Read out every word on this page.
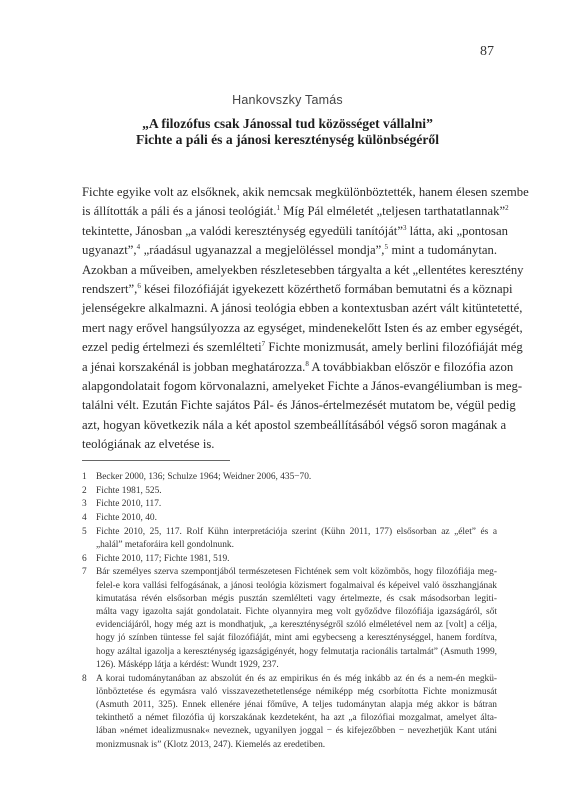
87
Hankovszky Tamás
„A filozófus csak Jánossal tud közösséget vállalni”
Fichte a páli és a jánosi kereszténység különbségéről
Fichte egyike volt az elsőknek, akik nemcsak megkülönböztették, hanem élesen szembe
is állították a páli és a jánosi teológiát.$^1$ Míg Pál elméletét „teljesen tarthatatlannak”$^2$
tekintette, Jánosban „a valódi kereszténység egyedüli tanítóját”$^3$ látta, aki „pontosan
ugyanazt”,$^4$ „ráadásul ugyanazzal a megjelöléssel mondja”,$^5$ mint a tudománytan.
Azokban a műveiben, amelyekben részletesebben tárgyalta a két „ellentétes keresztény
rendszert”,$^6$ kései filozófiáját igyekezett közérthető formában bemutatni és a köznapi
jelenségekre alkalmazni. A jánosi teológia ebben a kontextusban azért vált kitüntetetté,
mert nagy erővel hangsúlyozza az egységet, mindenekelőtt Isten és az ember egységét,
ezzel pedig értelmezi és szemlélteti$^7$ Fichte monizmusát, amely berlini filozófiáját még
a jénai korszakénál is jobban meghatározza.$^8$ A továbbiakban először e filozófia azon
alapgondolatait fogom körvonalazni, amelyeket Fichte a János-evangéliumban is meg-
találni vélt. Ezután Fichte sajátos Pál- és János-értelmezését mutatom be, végül pedig
azt, hogyan következik nála a két apostol szembeállításából végső soron magának a
teológiának az elvetése is.
1 Becker 2000, 136; Schulze 1964; Weidner 2006, 435−70.
2 Fichte 1981, 525.
3 Fichte 2010, 117.
4 Fichte 2010, 40.
5 Fichte 2010, 25, 117. Rolf Kühn interpretációja szerint (Kühn 2011, 177) elsősorban az „élet” és a
„halál” metaforáira kell gondolnunk.
6 Fichte 2010, 117; Fichte 1981, 519.
7 Bár személyes szerva szempontjából természetesen Fichtének sem volt közömbös, hogy filozófiája meg-
felel-e kora vallási felfogásának, a jánosi teológia közismert fogalmaival és képeivel való összhangjának
kimutatása révén elsősorban mégis pusztán szemlélteti vagy értelmezte, és csak másodsorban legiti-
málta vagy igazolta saját gondolatait. Fichte olyannyira meg volt győződve filozófiája igazságáról, sőt
evidenciájáról, hogy még azt is mondhatjuk, „a kereszténységről szóló elméletével nem az [volt] a célja,
hogy jó színben tüntesse fel saját filozófiáját, mint ami egybecseng a kereszténységgel, hanem fordítva,
hogy azáltal igazolja a kereszténység igazságigényét, hogy felmutatja racionális tartalmát” (Asmuth 1999,
126). Másképp látja a kérdést: Wundt 1929, 237.
8 A korai tudománytanában az abszolút én és az empirikus én és még inkább az én és a nem-én megkü-
lönböztetése és egymásra való visszavezethetetlensége némiképp még csorbította Fichte monizmusát
(Asmuth 2011, 325). Ennek ellenére jénai főműve, A teljes tudománytan alapja még akkor is bátran
tekinthető a német filozófia új korszakának kezdeteként, ha azt „a filozófiai mozgalmat, amelyet álta-
lában »német idealizmusnak« neveznek, ugyanilyen joggal − és kifejezőbben − nevezhetjük Kant utáni
monizmusnak is” (Klotz 2013, 247). Kiemelés az eredetiben.
